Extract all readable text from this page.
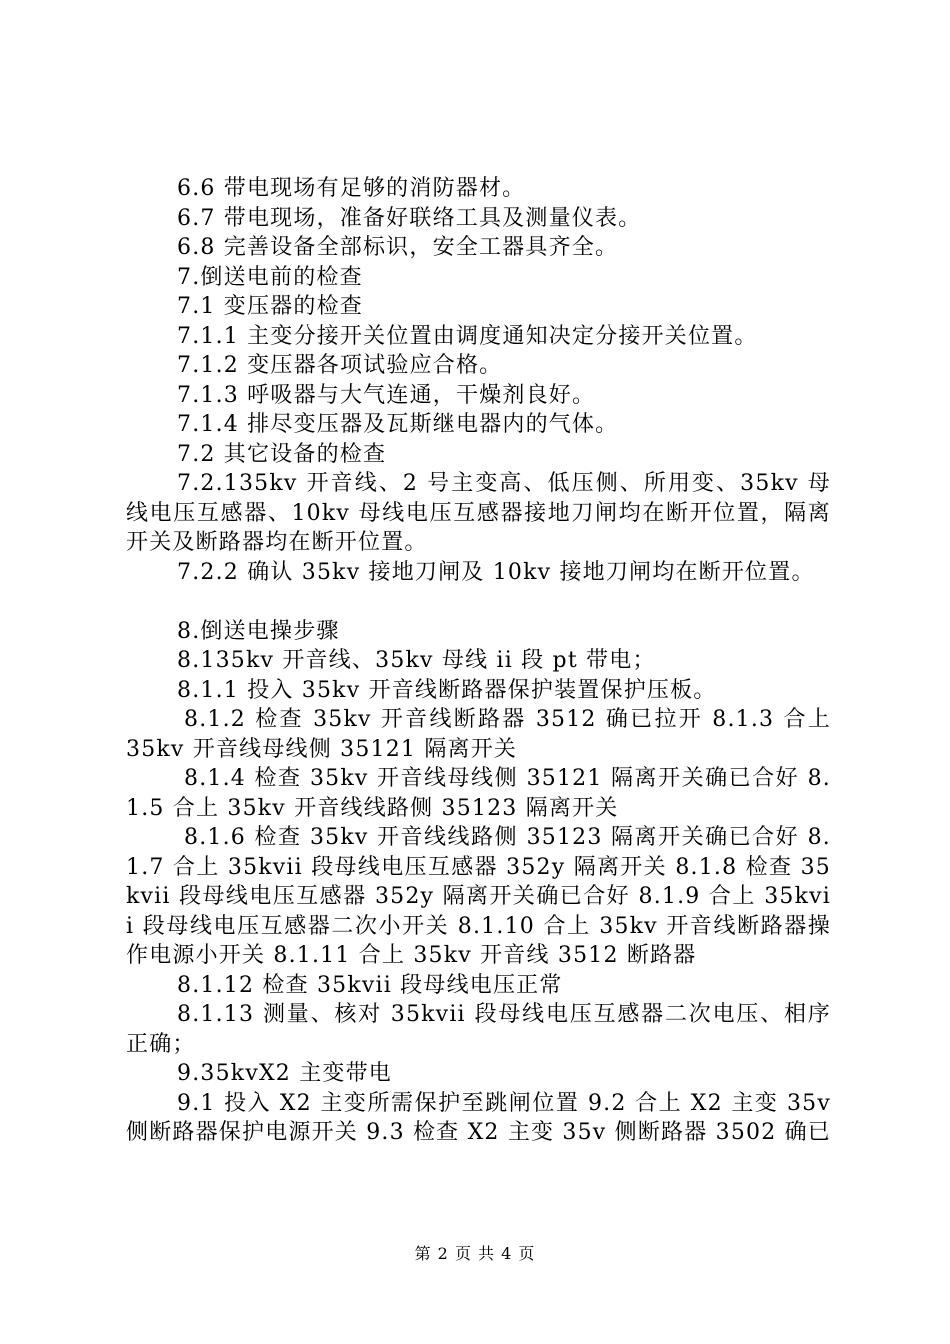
6.6 带电现场有足够的消防器材。

6.7 带电现场，准备好联络工具及测量仪表。

6.8 完善设备全部标识，安全工器具齐全。

7.倒送电前的检查

7.1 变压器的检查

7.1.1 主变分接开关位置由调度通知决定分接开关位置。

7.1.2 变压器各项试验应合格。

7.1.3 呼吸器与大气连通，干燥剂良好。

7.1.4 排尽变压器及瓦斯继电器内的气体。

7.2 其它设备的检查

7.2.135kv 开音线、2 号主变高、低压侧、所用变、35kv 母线电压互感器、10kv 母线电压互感器接地刀闸均在断开位置，隔离开关及断路器均在断开位置。

7.2.2 确认 35kv 接地刀闸及 10kv 接地刀闸均在断开位置。

8.倒送电操步骤

8.135kv 开音线、35kv 母线 ii 段 pt 带电；

8.1.1 投入 35kv 开音线断路器保护装置保护压板。

8.1.2 检查 35kv 开音线断路器 3512 确已拉开 8.1.3 合上 35kv 开音线母线侧 35121 隔离开关

8.1.4 检查 35kv 开音线母线侧 35121 隔离开关确已合好 8.1.5 合上 35kv 开音线线路侧 35123 隔离开关

8.1.6 检查 35kv 开音线线路侧 35123 隔离开关确已合好 8.1.7 合上 35kvii 段母线电压互感器 352y 隔离开关 8.1.8 检查 35kvii 段母线电压互感器 352y 隔离开关确已合好 8.1.9 合上 35kvii 段母线电压互感器二次小开关 8.1.10 合上 35kv 开音线断路器操作电源小开关 8.1.11 合上 35kv 开音线 3512 断路器

8.1.12 检查 35kvii 段母线电压正常

8.1.13 测量、核对 35kvii 段母线电压互感器二次电压、相序正确；

9.35kvX2 主变带电

9.1 投入 X2 主变所需保护至跳闸位置 9.2 合上 X2 主变 35v 侧断路器保护电源开关 9.3 检查 X2 主变 35v 侧断路器 3502 确已

第 2 页 共 4 页
